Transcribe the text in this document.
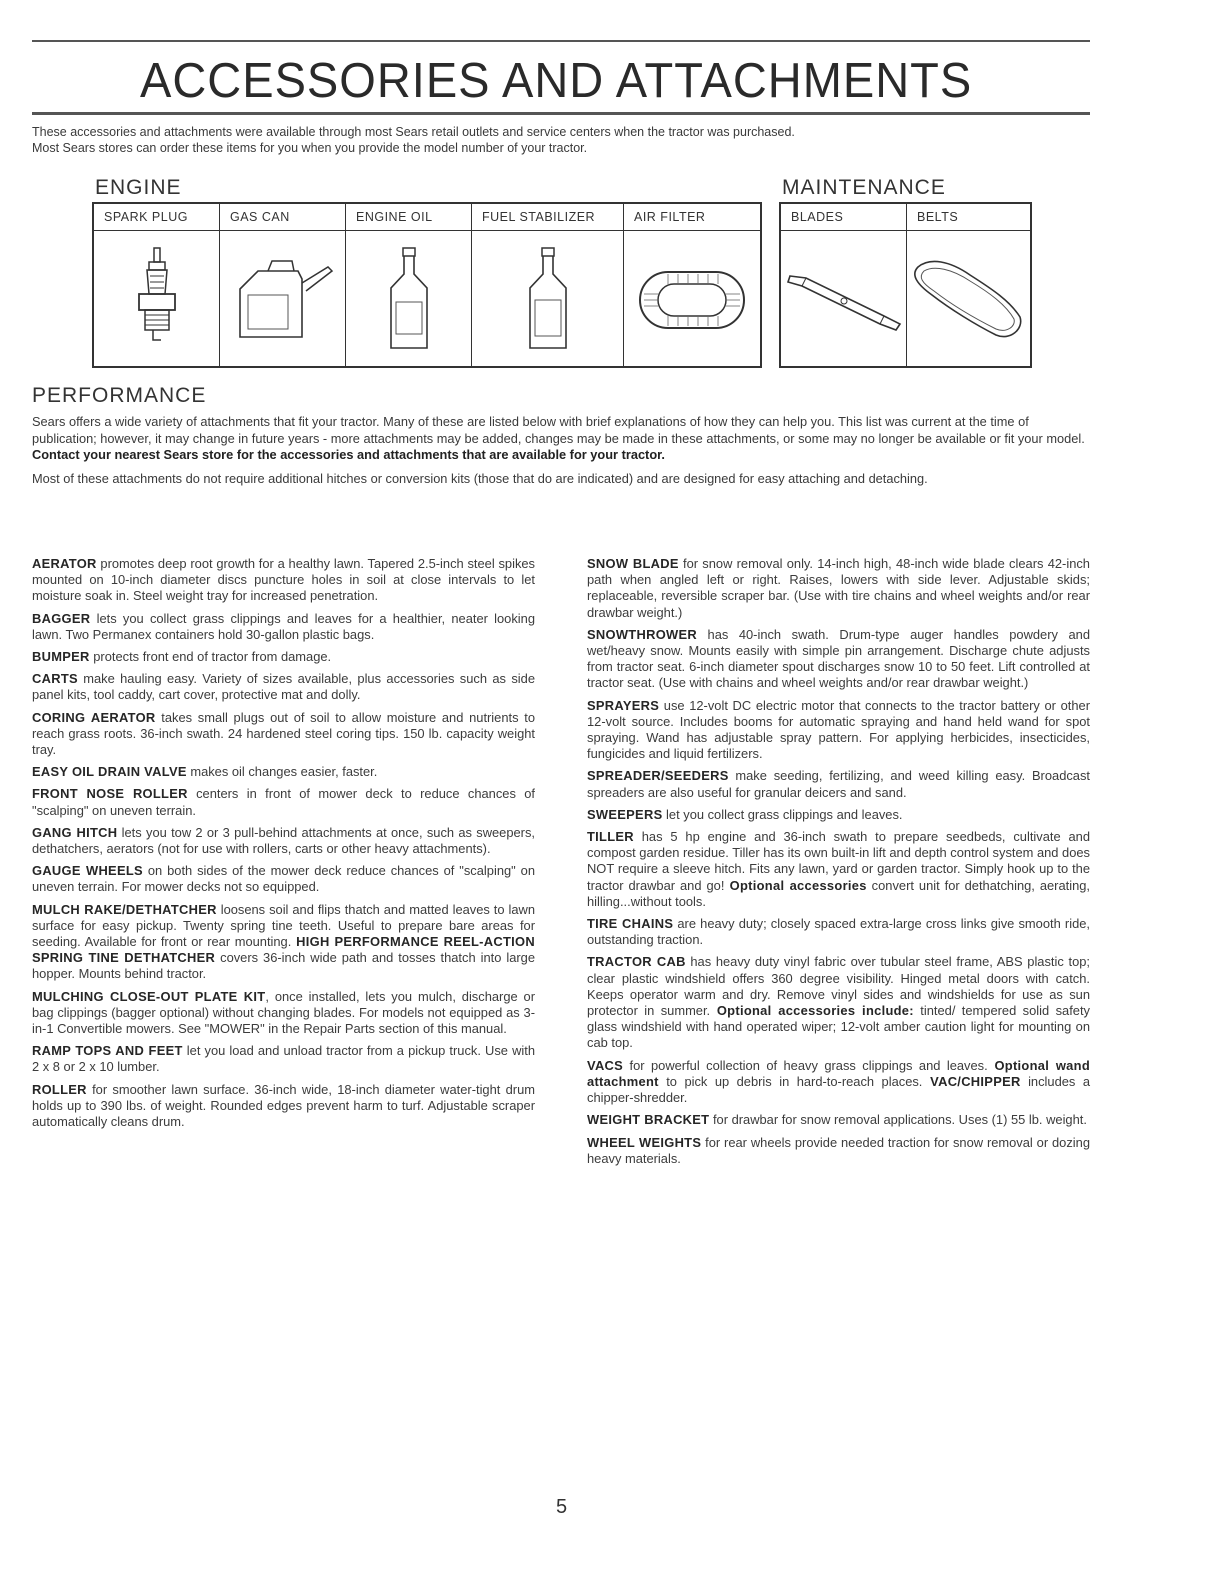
ACCESSORIES AND ATTACHMENTS

These accessories and attachments were available through most Sears retail outlets and service centers when the tractor was purchased.

Most Sears stores can order these items for you when you provide the model number of your tractor.

ENGINE	MAINTENANCE
SPARK PLUG	GAS CAN	ENGINE OIL	FUEL STABILIZER	AIR FILTER	BLADES	BELTS
PERFORMANCE

Sears offers a wide variety of attachments that fit your tractor. Many of these are listed below with brief explanations of how they can help you. This list was current at the time of publication; however, it may change in future years - more attachments may be added, changes may be made in these attachments, or some may no longer be available or fit your model. Contact your nearest Sears store for the accessories and attachments that are available for your tractor.

Most of these attachments do not require additional hitches or conversion kits (those that do are indicated) and are designed for easy attaching and detaching.

AERATOR promotes deep root growth for a healthy lawn. Tapered 2.5-inch steel spikes mounted on 10-inch diameter discs puncture holes in soil at close intervals to let moisture soak in. Steel weight tray for increased penetration.

BAGGER lets you collect grass clippings and leaves for a healthier, neater looking lawn. Two Permanex containers hold 30-gallon plastic bags.

BUMPER protects front end of tractor from damage.

CARTS make hauling easy. Variety of sizes available, plus accessories such as side panel kits, tool caddy, cart cover, protective mat and dolly.

CORING AERATOR takes small plugs out of soil to allow moisture and nutrients to reach grass roots. 36-inch swath. 24 hardened steel coring tips. 150 lb. capacity weight tray.

EASY OIL DRAIN VALVE makes oil changes easier, faster.

FRONT NOSE ROLLER centers in front of mower deck to reduce chances of "scalping" on uneven terrain.

GANG HITCH lets you tow 2 or 3 pull-behind attachments at once, such as sweepers, dethatchers, aerators (not for use with rollers, carts or other heavy attachments).

GAUGE WHEELS on both sides of the mower deck reduce chances of "scalping" on uneven terrain. For mower decks not so equipped.

MULCH RAKE/DETHATCHER loosens soil and flips thatch and matted leaves to lawn surface for easy pickup. Twenty spring tine teeth. Useful to prepare bare areas for seeding. Available for front or rear mounting. HIGH PERFORMANCE REEL-ACTION SPRING TINE DETHATCHER covers 36-inch wide path and tosses thatch into large hopper. Mounts behind tractor.

MULCHING CLOSE-OUT PLATE KIT, once installed, lets you mulch, discharge or bag clippings (bagger optional) without changing blades. For models not equipped as 3-in-1 Convertible mowers. See "MOWER" in the Repair Parts section of this manual.

RAMP TOPS AND FEET let you load and unload tractor from a pickup truck. Use with 2 x 8 or 2 x 10 lumber.

ROLLER for smoother lawn surface. 36-inch wide, 18-inch diameter water-tight drum holds up to 390 lbs. of weight. Rounded edges prevent harm to turf. Adjustable scraper automatically cleans drum.

SNOW BLADE for snow removal only. 14-inch high, 48-inch wide blade clears 42-inch path when angled left or right. Raises, lowers with side lever. Adjustable skids; replaceable, reversible scraper bar. (Use with tire chains and wheel weights and/or rear drawbar weight.)

SNOWTHROWER has 40-inch swath. Drum-type auger handles powdery and wet/heavy snow. Mounts easily with simple pin arrangement. Discharge chute adjusts from tractor seat. 6-inch diameter spout discharges snow 10 to 50 feet. Lift controlled at tractor seat. (Use with chains and wheel weights and/or rear drawbar weight.)

SPRAYERS use 12-volt DC electric motor that connects to the tractor battery or other 12-volt source. Includes booms for automatic spraying and hand held wand for spot spraying. Wand has adjustable spray pattern. For applying herbicides, insecticides, fungicides and liquid fertilizers.

SPREADER/SEEDERS make seeding, fertilizing, and weed killing easy. Broadcast spreaders are also useful for granular deicers and sand.

SWEEPERS let you collect grass clippings and leaves.

TILLER has 5 hp engine and 36-inch swath to prepare seedbeds, cultivate and compost garden residue. Tiller has its own built-in lift and depth control system and does NOT require a sleeve hitch. Fits any lawn, yard or garden tractor. Simply hook up to the tractor drawbar and go! Optional accessories convert unit for dethatching, aerating, hilling...without tools.

TIRE CHAINS are heavy duty; closely spaced extra-large cross links give smooth ride, outstanding traction.

TRACTOR CAB has heavy duty vinyl fabric over tubular steel frame, ABS plastic top; clear plastic windshield offers 360 degree visibility. Hinged metal doors with catch. Keeps operator warm and dry. Remove vinyl sides and windshields for use as sun protector in summer. Optional accessories include: tinted/ tempered solid safety glass windshield with hand operated wiper; 12-volt amber caution light for mounting on cab top.

VACS for powerful collection of heavy grass clippings and leaves. Optional wand attachment to pick up debris in hard-to-reach places. VAC/CHIPPER includes a chipper-shredder.

WEIGHT BRACKET for drawbar for snow removal applications. Uses (1) 55 lb. weight.

WHEEL WEIGHTS for rear wheels provide needed traction for snow removal or dozing heavy materials.

5
